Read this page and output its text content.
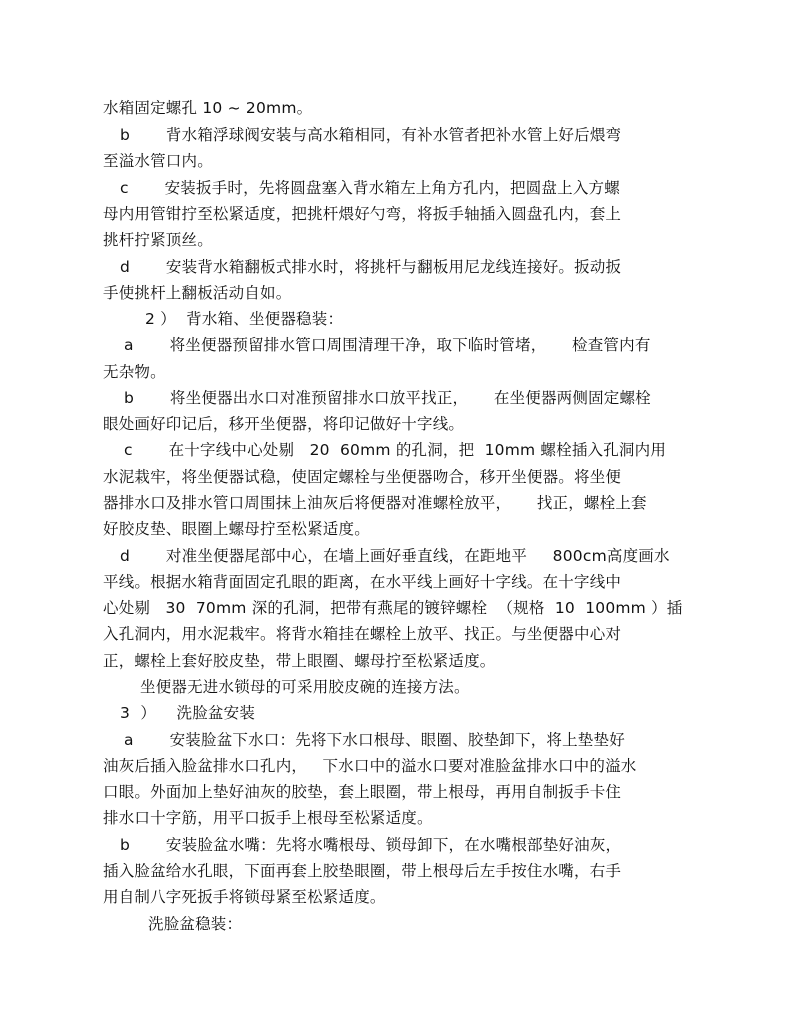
水箱固定螺孔 10 ~ 20mm。
b       背水箱浮球阀安装与高水箱相同，有补水管者把补水管上好后煨弯
至溢水管口内。
c       安装扳手时，先将圆盘塞入背水箱左上角方孔内，把圆盘上入方螺
母内用管钳拧至松紧适度，把挑杆煨好勺弯，将扳手轴插入圆盘孔内，套上
挑杆拧紧顶丝。
d       安装背水箱翻板式排水时，将挑杆与翻板用尼龙线连接好。扳动扳
手使挑杆上翻板活动自如。
2 ）  背水箱、坐便器稳装：
a       将坐便器预留排水管口周围清理干净，取下临时管堵，     检查管内有
无杂物。
b       将坐便器出水口对准预留排水口放平找正，     在坐便器两侧固定螺栓
眼处画好印记后，移开坐便器，将印记做好十字线。
c       在十字线中心处剔   20  60mm 的孔洞，把  10mm 螺栓插入孔洞内用
水泥栽牢，将坐便器试稳，使固定螺栓与坐便器吻合，移开坐便器。将坐便
器排水口及排水管口周围抹上油灰后将便器对准螺栓放平，     找正，螺栓上套
好胶皮垫、眼圈上螺母拧至松紧适度。
d       对准坐便器尾部中心，在墙上画好垂直线，在距地平     800cm高度画水
平线。根据水箱背面固定孔眼的距离，在水平线上画好十字线。在十字线中
心处剔   30  70mm 深的孔洞，把带有燕尾的镀锌螺栓  （规格  10  100mm ）插
入孔洞内，用水泥栽牢。将背水箱挂在螺栓上放平、找正。与坐便器中心对
正，螺栓上套好胶皮垫，带上眼圈、螺母拧至松紧适度。
坐便器无进水锁母的可采用胶皮碗的连接方法。
3  ）    洗脸盆安装
a       安装脸盆下水口：先将下水口根母、眼圈、胶垫卸下，将上垫垫好
油灰后插入脸盆排水口孔内，   下水口中的溢水口要对准脸盆排水口中的溢水
口眼。外面加上垫好油灰的胶垫，套上眼圈，带上根母，再用自制扳手卡住
排水口十字筋，用平口扳手上根母至松紧适度。
b       安装脸盆水嘴：先将水嘴根母、锁母卸下，在水嘴根部垫好油灰，
插入脸盆给水孔眼，下面再套上胶垫眼圈，带上根母后左手按住水嘴，右手
用自制八字死扳手将锁母紧至松紧适度。
洗脸盆稳装：
